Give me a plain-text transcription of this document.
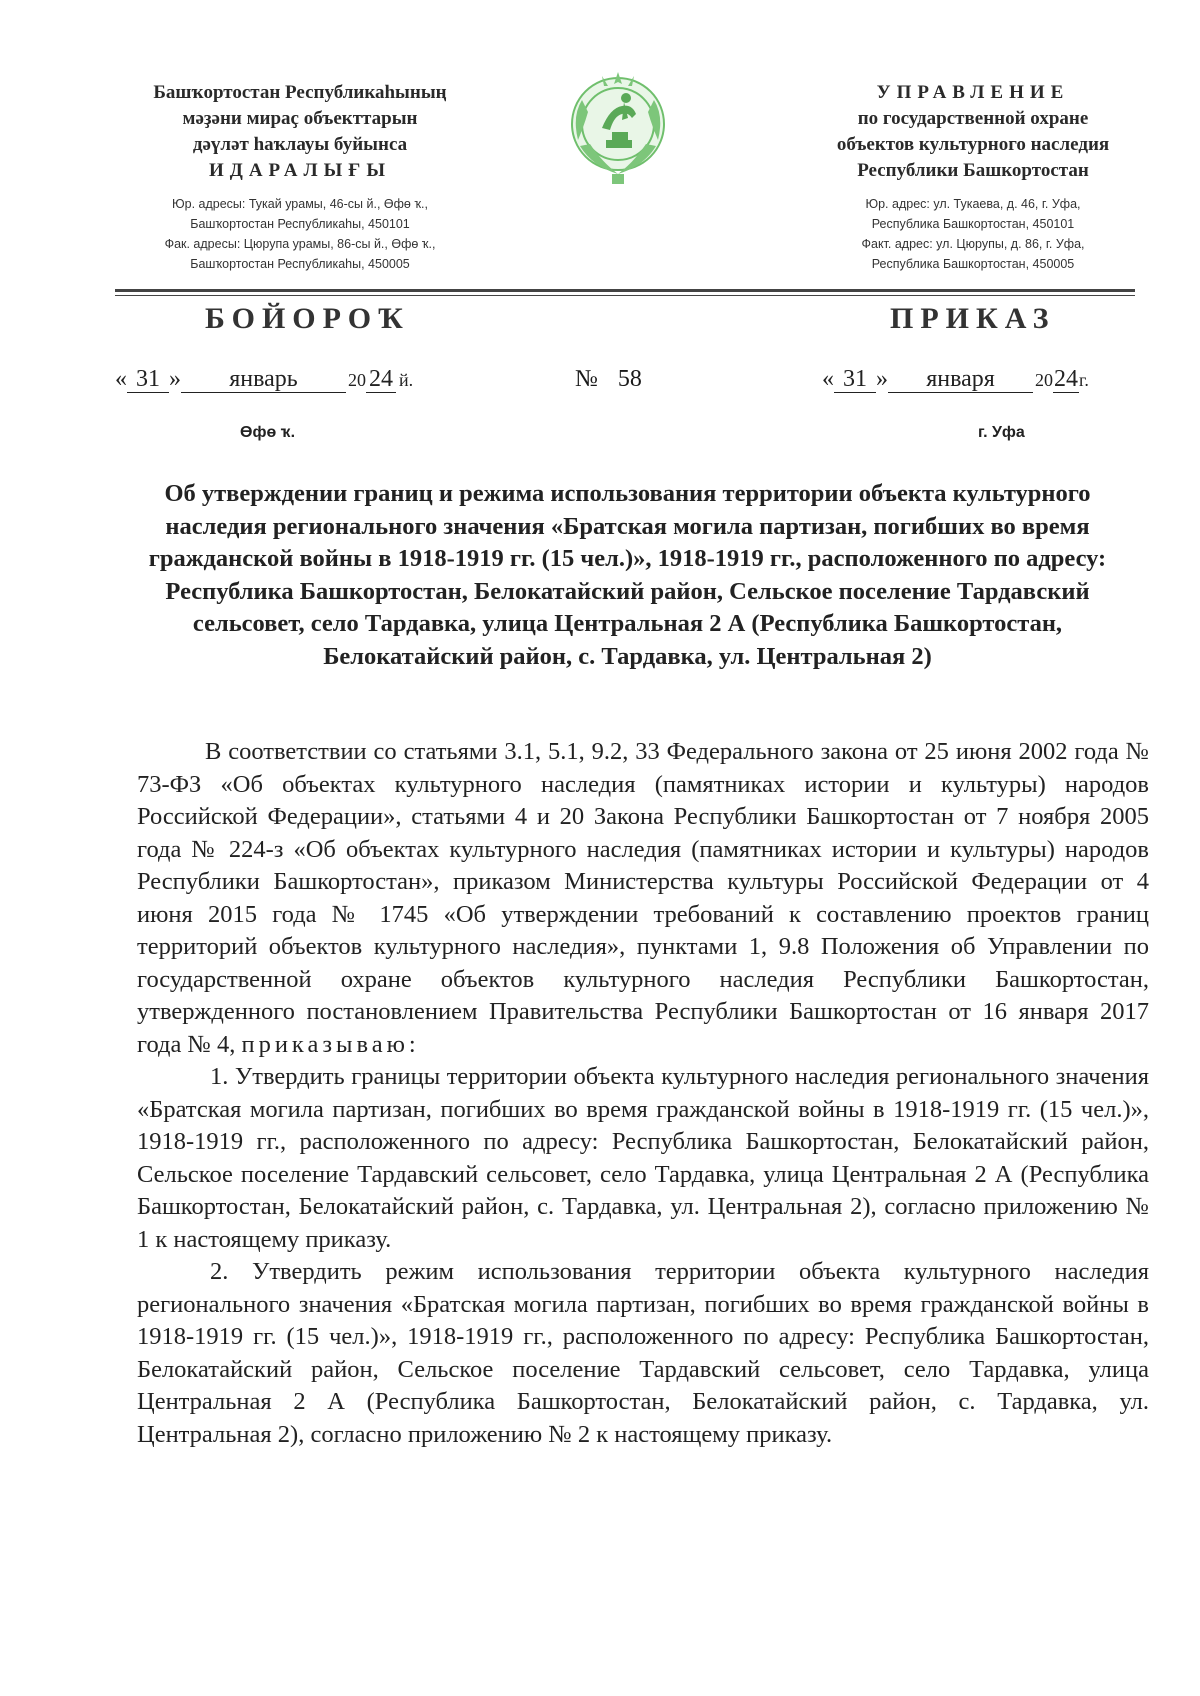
Башҡортостан Республикаһының
мәҙәни мираҫ объекттарын
дәүләт һаҡлауы буйынса
ИДАРАЛЫҒЫ
Юр. адресы: Тукай урамы, 46-сы й., Өфө ҡ.,
Башҡортостан Республикаһы, 450101
Фак. адресы: Цюрупа урамы, 86-сы й., Өфө ҡ.,
Башҡортостан Республикаһы, 450005
УПРАВЛЕНИЕ
по государственной охране
объектов культурного наследия
Республики Башкортостан
Юр. адрес: ул. Тукаева, д. 46, г. Уфа,
Республика Башкортостан, 450101
Факт. адрес: ул. Цюрупы, д. 86, г. Уфа,
Республика Башкортостан, 450005
БОЙОРОҠ	ПРИКАЗ
« 31 » январь	20 24 й.	№ 58	« 31 » января 2024г.
Өфө ҡ.	г. Уфа
Об утверждении границ и режима использования территории объекта культурного наследия регионального значения «Братская могила партизан, погибших во время гражданской войны в 1918-1919 гг. (15 чел.)», 1918-1919 гг., расположенного по адресу: Республика Башкортостан, Белокатайский район, Сельское поселение Тардавский сельсовет, село Тардавка, улица Центральная 2 А (Республика Башкортостан, Белокатайский район, с. Тардавка, ул. Центральная 2)

В соответствии со статьями 3.1, 5.1, 9.2, 33 Федерального закона от 25 июня 2002 года № 73-ФЗ «Об объектах культурного наследия (памятниках истории и культуры) народов Российской Федерации», статьями 4 и 20 Закона Республики Башкортостан от 7 ноября 2005 года № 224-з «Об объектах культурного наследия (памятниках истории и культуры) народов Республики Башкортостан», приказом Министерства культуры Российской Федерации от 4 июня 2015 года № 1745 «Об утверждении требований к составлению проектов границ территорий объектов культурного наследия», пунктами 1, 9.8 Положения об Управлении по государственной охране объектов культурного наследия Республики Башкортостан, утвержденного постановлением Правительства Республики Башкортостан от 16 января 2017 года № 4, приказываю:

1. Утвердить границы территории объекта культурного наследия регионального значения «Братская могила партизан, погибших во время гражданской войны в 1918-1919 гг. (15 чел.)», 1918-1919 гг., расположенного по адресу: Республика Башкортостан, Белокатайский район, Сельское поселение Тардавский сельсовет, село Тардавка, улица Центральная 2 А (Республика Башкортостан, Белокатайский район, с. Тардавка, ул. Центральная 2), согласно приложению № 1 к настоящему приказу.

2. Утвердить режим использования территории объекта культурного наследия регионального значения «Братская могила партизан, погибших во время гражданской войны в 1918-1919 гг. (15 чел.)», 1918-1919 гг., расположенного по адресу: Республика Башкортостан, Белокатайский район, Сельское поселение Тардавский сельсовет, село Тардавка, улица Центральная 2 А (Республика Башкортостан, Белокатайский район, с. Тардавка, ул. Центральная 2), согласно приложению № 2 к настоящему приказу.
